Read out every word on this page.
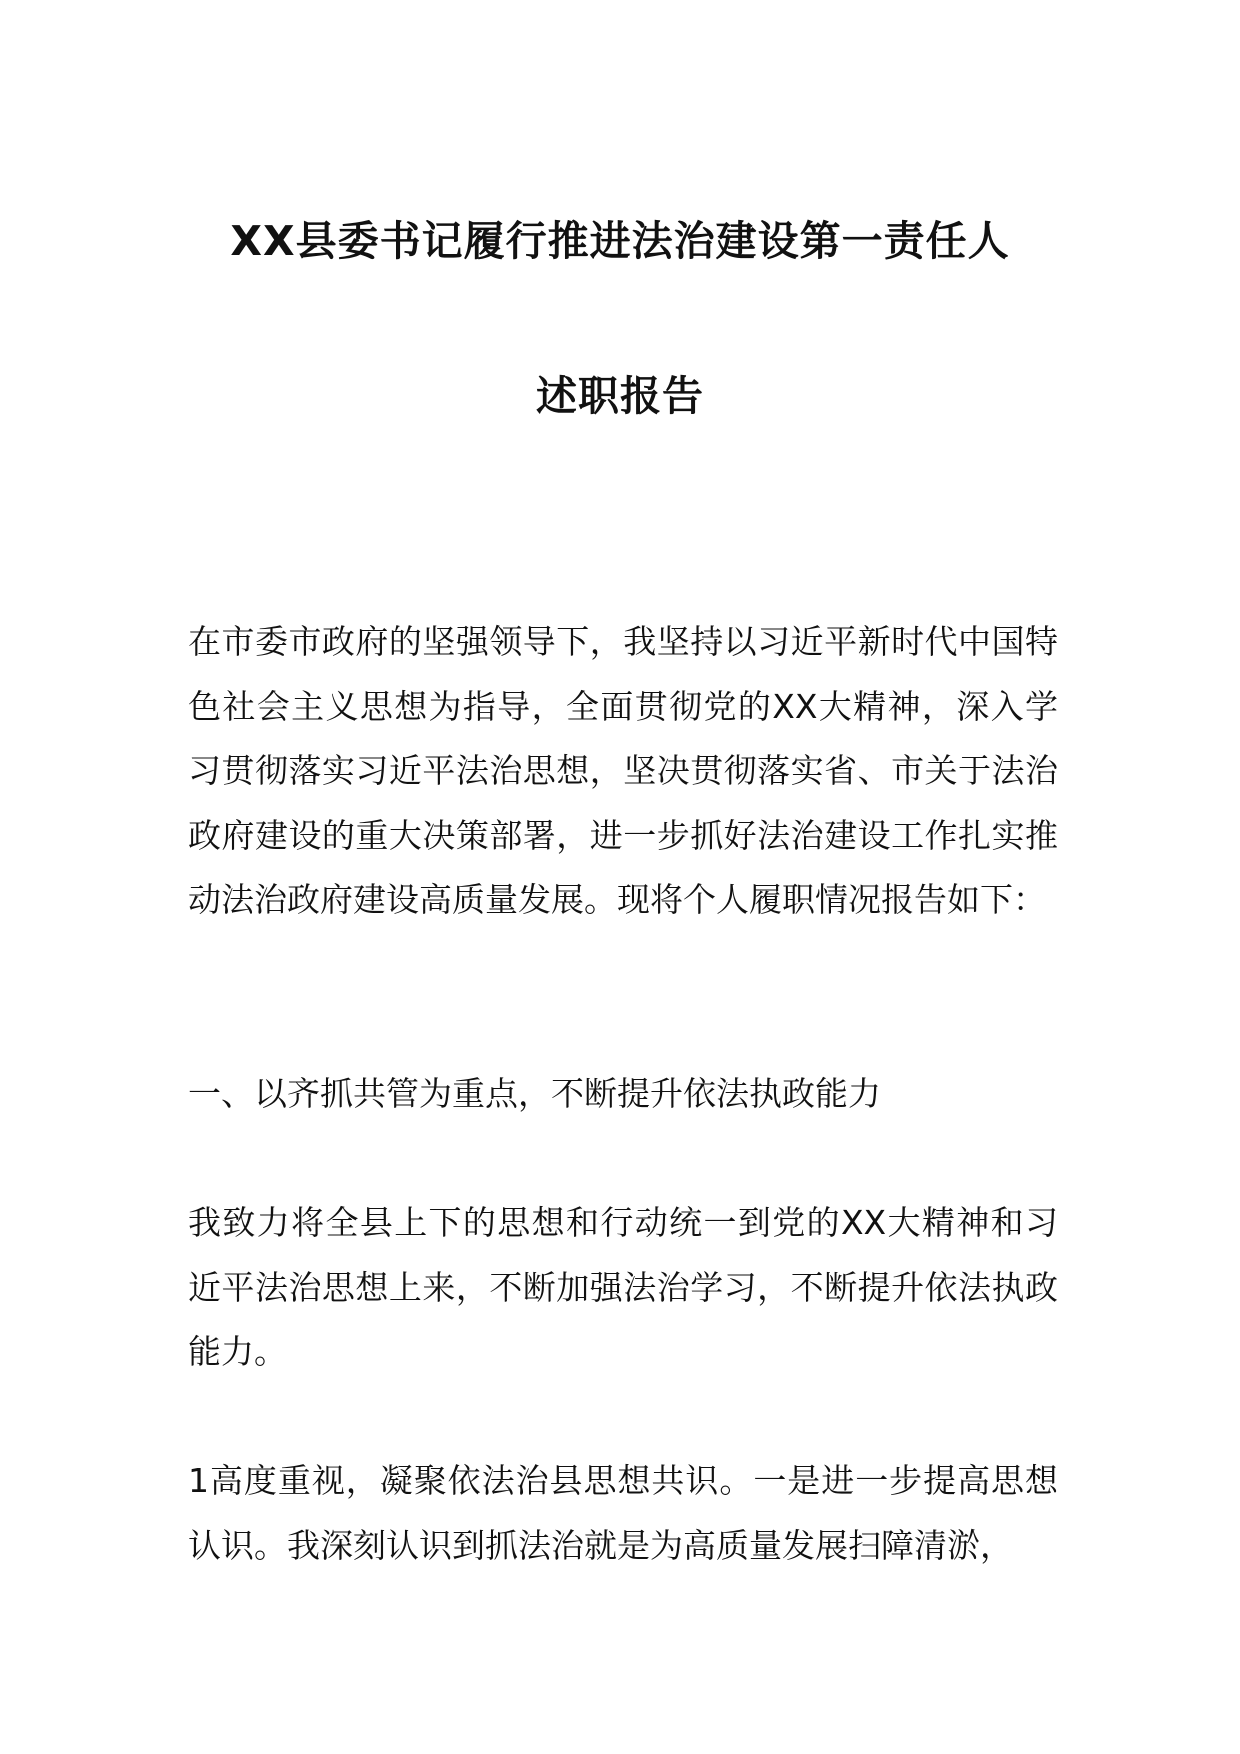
XX县委书记履行推进法治建设第一责任人
述职报告

在市委市政府的坚强领导下，我坚持以习近平新时代中国特色社会主义思想为指导，全面贯彻党的XX大精神，深入学习贯彻落实习近平法治思想，坚决贯彻落实省、市关于法治政府建设的重大决策部署，进一步抓好法治建设工作扎实推动法治政府建设高质量发展。现将个人履职情况报告如下：

一、以齐抓共管为重点，不断提升依法执政能力

我致力将全县上下的思想和行动统一到党的XX大精神和习近平法治思想上来，不断加强法治学习，不断提升依法执政能力。

1高度重视，凝聚依法治县思想共识。一是进一步提高思想认识。我深刻认识到抓法治就是为高质量发展扫障清淤，
